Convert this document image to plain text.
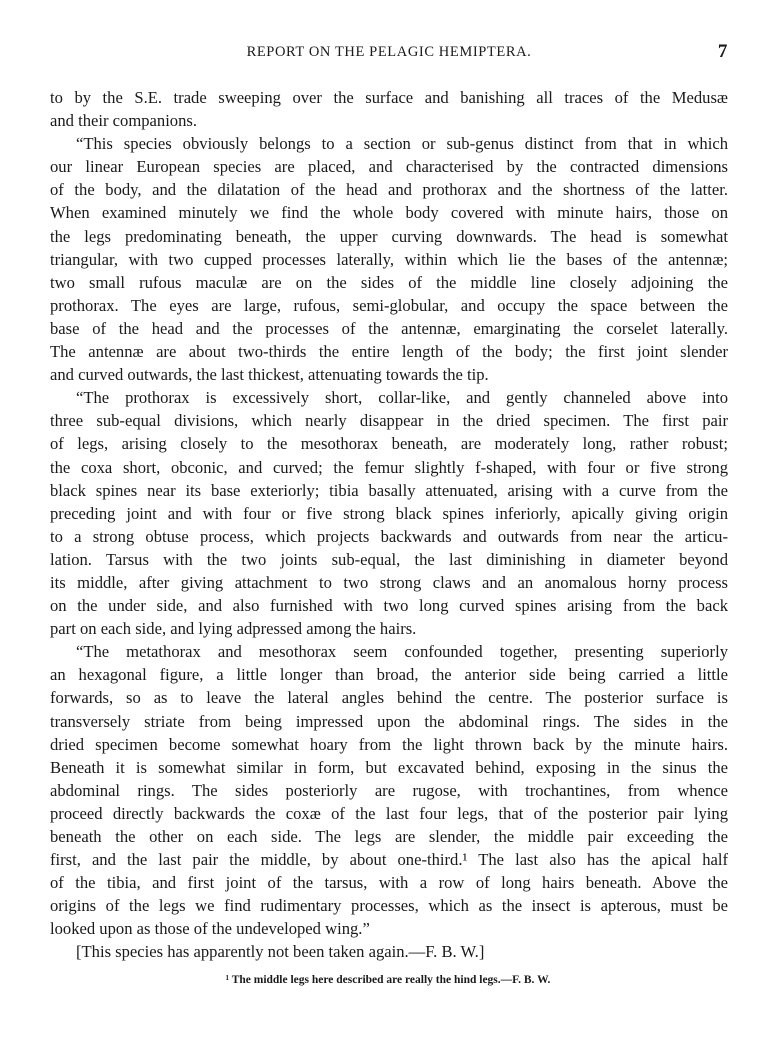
REPORT ON THE PELAGIC HEMIPTERA.	7
to by the S.E. trade sweeping over the surface and banishing all traces of the Medusæ
and their companions.
“This species obviously belongs to a section or sub-genus distinct from that in which
our linear European species are placed, and characterised by the contracted dimensions
of the body, and the dilatation of the head and prothorax and the shortness of the latter.
When examined minutely we find the whole body covered with minute hairs, those on
the legs predominating beneath, the upper curving downwards. The head is somewhat
triangular, with two cupped processes laterally, within which lie the bases of the antennæ;
two small rufous maculæ are on the sides of the middle line closely adjoining the
prothorax. The eyes are large, rufous, semi-globular, and occupy the space between the
base of the head and the processes of the antennæ, emarginating the corselet laterally.
The antennæ are about two-thirds the entire length of the body; the first joint slender
and curved outwards, the last thickest, attenuating towards the tip.
“The prothorax is excessively short, collar-like, and gently channeled above into
three sub-equal divisions, which nearly disappear in the dried specimen. The first pair
of legs, arising closely to the mesothorax beneath, are moderately long, rather robust;
the coxa short, obconic, and curved; the femur slightly f-shaped, with four or five strong
black spines near its base exteriorly; tibia basally attenuated, arising with a curve from the
preceding joint and with four or five strong black spines inferiorly, apically giving origin
to a strong obtuse process, which projects backwards and outwards from near the articu-
lation. Tarsus with the two joints sub-equal, the last diminishing in diameter beyond
its middle, after giving attachment to two strong claws and an anomalous horny process
on the under side, and also furnished with two long curved spines arising from the back
part on each side, and lying adpressed among the hairs.
“The metathorax and mesothorax seem confounded together, presenting superiorly
an hexagonal figure, a little longer than broad, the anterior side being carried a little
forwards, so as to leave the lateral angles behind the centre. The posterior surface is
transversely striate from being impressed upon the abdominal rings. The sides in the
dried specimen become somewhat hoary from the light thrown back by the minute hairs.
Beneath it is somewhat similar in form, but excavated behind, exposing in the sinus the
abdominal rings. The sides posteriorly are rugose, with trochantines, from whence
proceed directly backwards the coxæ of the last four legs, that of the posterior pair lying
beneath the other on each side. The legs are slender, the middle pair exceeding the
first, and the last pair the middle, by about one-third.¹ The last also has the apical half
of the tibia, and first joint of the tarsus, with a row of long hairs beneath. Above the
origins of the legs we find rudimentary processes, which as the insect is apterous, must be
looked upon as those of the undeveloped wing.”
[This species has apparently not been taken again.—F. B. W.]
¹ The middle legs here described are really the hind legs.—F. B. W.
